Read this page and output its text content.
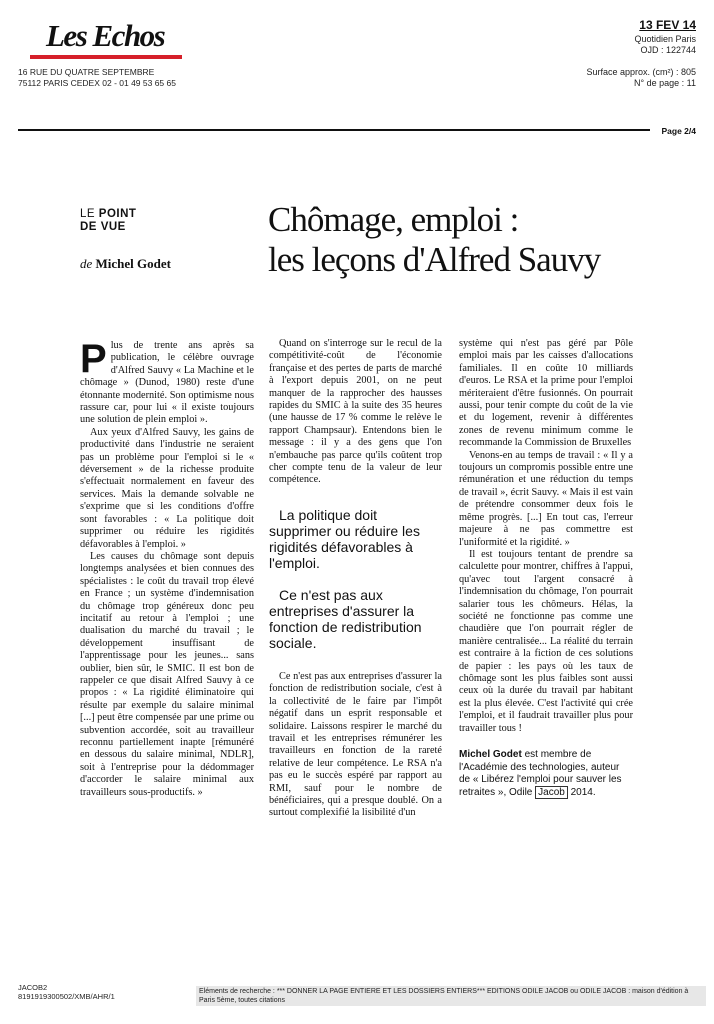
Les Echos
16 RUE DU QUATRE SEPTEMBRE
75112 PARIS CEDEX 02 - 01 49 53 65 65
13 FEV 14
Quotidien Paris
OJD : 122744
Surface approx. (cm²) : 805
N° de page : 11
Page 2/4
LE POINT
DE VUE
de Michel Godet
Chômage, emploi :
les leçons d'Alfred Sauvy

Plus de trente ans après sa publication, le célèbre ouvrage d'Alfred Sauvy « La Machine et le chômage » (Dunod, 1980) reste d'une étonnante modernité. Son optimisme nous rassure car, pour lui « il existe toujours une solution de plein emploi ».

Aux yeux d'Alfred Sauvy, les gains de productivité dans l'industrie ne seraient pas un problème pour l'emploi si le « déversement » de la richesse produite s'effectuait normalement en faveur des services. Mais la demande solvable ne s'exprime que si les conditions d'offre sont favorables : « La politique doit supprimer ou réduire les rigidités défavorables à l'emploi. »

Les causes du chômage sont depuis longtemps analysées et bien connues des spécialistes : le coût du travail trop élevé en France ; un système d'indemnisation du chômage trop généreux donc peu incitatif au retour à l'emploi ; une dualisation du marché du travail ; le développement insuffisant de l'apprentissage pour les jeunes... sans oublier, bien sûr, le SMIC. Il est bon de rappeler ce que disait Alfred Sauvy à ce propos : « La rigidité éliminatoire qui résulte par exemple du salaire minimal [...] peut être compensée par une prime ou subvention accordée, soit au travailleur reconnu partiellement inapte [rémunéré en dessous du salaire minimal, NDLR], soit à l'entreprise pour la dédommager d'accorder le salaire minimal aux travailleurs sous-productifs. »

Quand on s'interroge sur le recul de la compétitivité-coût de l'économie française et des pertes de parts de marché à l'export depuis 2001, on ne peut manquer de la rapprocher des hausses rapides du SMIC à la suite des 35 heures (une hausse de 17 % comme le relève le rapport Champsaur). Entendons bien le message : il y a des gens que l'on n'embauche pas parce qu'ils coûtent trop cher compte tenu de la valeur de leur compétence.

La politique doit supprimer ou réduire les rigidités défavorables à l'emploi.

Ce n'est pas aux entreprises d'assurer la fonction de redistribution sociale.

Ce n'est pas aux entreprises d'assurer la fonction de redistribution sociale, c'est à la collectivité de le faire par l'impôt négatif dans un esprit responsable et solidaire. Laissons respirer le marché du travail et les entreprises rémunérer les travailleurs en fonction de la rareté relative de leur compétence. Le RSA n'a pas eu le succès espéré par rapport au RMI, sauf pour le nombre de bénéficiaires, qui a presque doublé. On a surtout complexifié la lisibilité d'un

système qui n'est pas géré par Pôle emploi mais par les caisses d'allocations familiales. Il en coûte 10 milliards d'euros. Le RSA et la prime pour l'emploi mériteraient d'être fusionnés. On pourrait aussi, pour tenir compte du coût de la vie et du logement, revenir à différentes zones de revenu minimum comme le recommande la Commission de Bruxelles

Venons-en au temps de travail : « Il y a toujours un compromis possible entre une rémunération et une réduction du temps de travail », écrit Sauvy. « Mais il est vain de prétendre consommer deux fois le même progrès. [...] En tout cas, l'erreur majeure à ne pas commettre est l'uniformité et la rigidité. »

Il est toujours tentant de prendre sa calculette pour montrer, chiffres à l'appui, qu'avec tout l'argent consacré à l'indemnisation du chômage, l'on pourrait salarier tous les chômeurs. Hélas, la société ne fonctionne pas comme une chaudière que l'on pourrait régler de manière centralisée... La réalité du terrain est contraire à la fiction de ces solutions de papier : les pays où les taux de chômage sont les plus faibles sont aussi ceux où la durée du travail par habitant est la plus élevée. C'est l'activité qui crée l'emploi, et il faudrait travailler plus pour travailler tous !

Michel Godet est membre de l'Académie des technologies, auteur de « Libérez l'emploi pour sauver les retraites », Odile Jacob 2014.

JACOB2
8191919300502/XMB/AHR/1
Eléments de recherche : *** DONNER LA PAGE ENTIERE ET LES DOSSIERS ENTIERS*** EDITIONS ODILE JACOB ou ODILE JACOB : maison d'édition à Paris 5ème, toutes citations
